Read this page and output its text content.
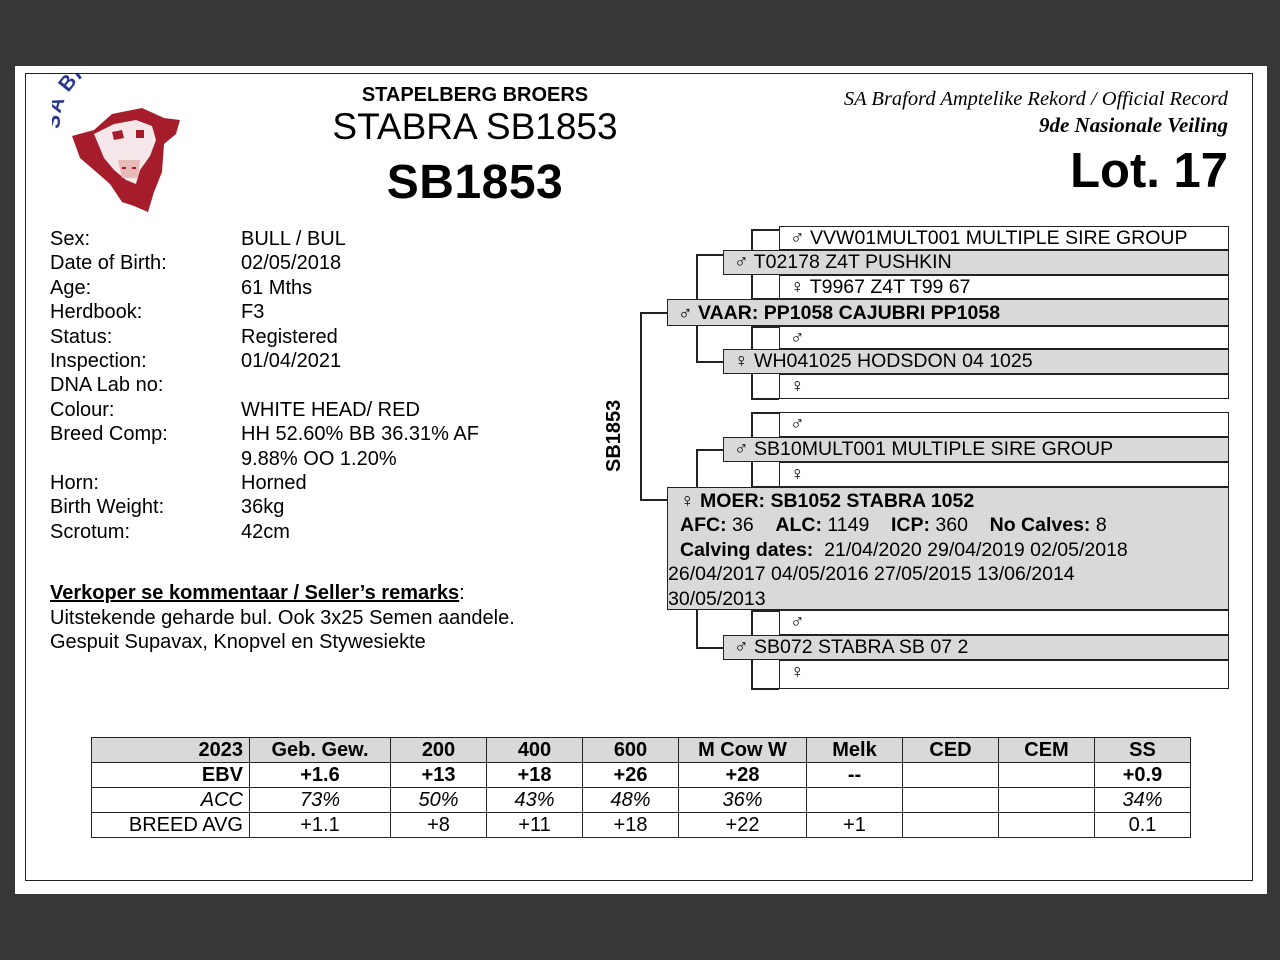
B	STAPELBERG BROERS
STABRA SB1853
SB1853
SA Braford Amptelike Rekord / Official Record
9de Nasionale Veiling
Lot. 17
Sex:	BULL / BUL
Date of Birth:	02/05/2018
Age:	61 Mths
Herdbook:	F3
Status:	Registered
Inspection:	01/04/2021
DNA Lab no:
Colour:	WHITE HEAD/ RED
Breed Comp:	HH 52.60% BB 36.31% AF
9.88% OO 1.20%
Horn:	Horned
Birth Weight:	36kg
Scrotum:	42cm
Verkoper se kommentaar / Seller’s remarks:
Uitstekende geharde bul. Ook 3x25 Semen aandele.
Gespuit Supavax, Knopvel en Stywesiekte
♂ VVW01MULT001 MULTIPLE SIRE GROUP
♂ T02178 Z4T PUSHKIN
♀ T9967 Z4T T99 67
♂ VAAR: PP1058 CAJUBRI PP1058
♂
♀ WH041025 HODSDON 04 1025
♀
♂
♂ SB10MULT001 MULTIPLE SIRE GROUP
♀
♀ MOER: SB1052 STABRA 1052
AFC: 36 ALC: 1149 ICP: 360 No Calves: 8
Calving dates: 21/04/2020 29/04/2019 02/05/2018
26/04/2017 04/05/2016 27/05/2015 13/06/2014
30/05/2013
♂
♂ SB072 STABRA SB 07 2
♀
SB1853
2023	Geb. Gew.	200	400	600	M Cow W	Melk	CED	CEM	SS
EBV	+1.6	+13	+18	+26	+28	--			+0.9
ACC	73%	50%	43%	48%	36%				34%
BREED AVG	+1.1	+8	+11	+18	+22	+1			0.1
